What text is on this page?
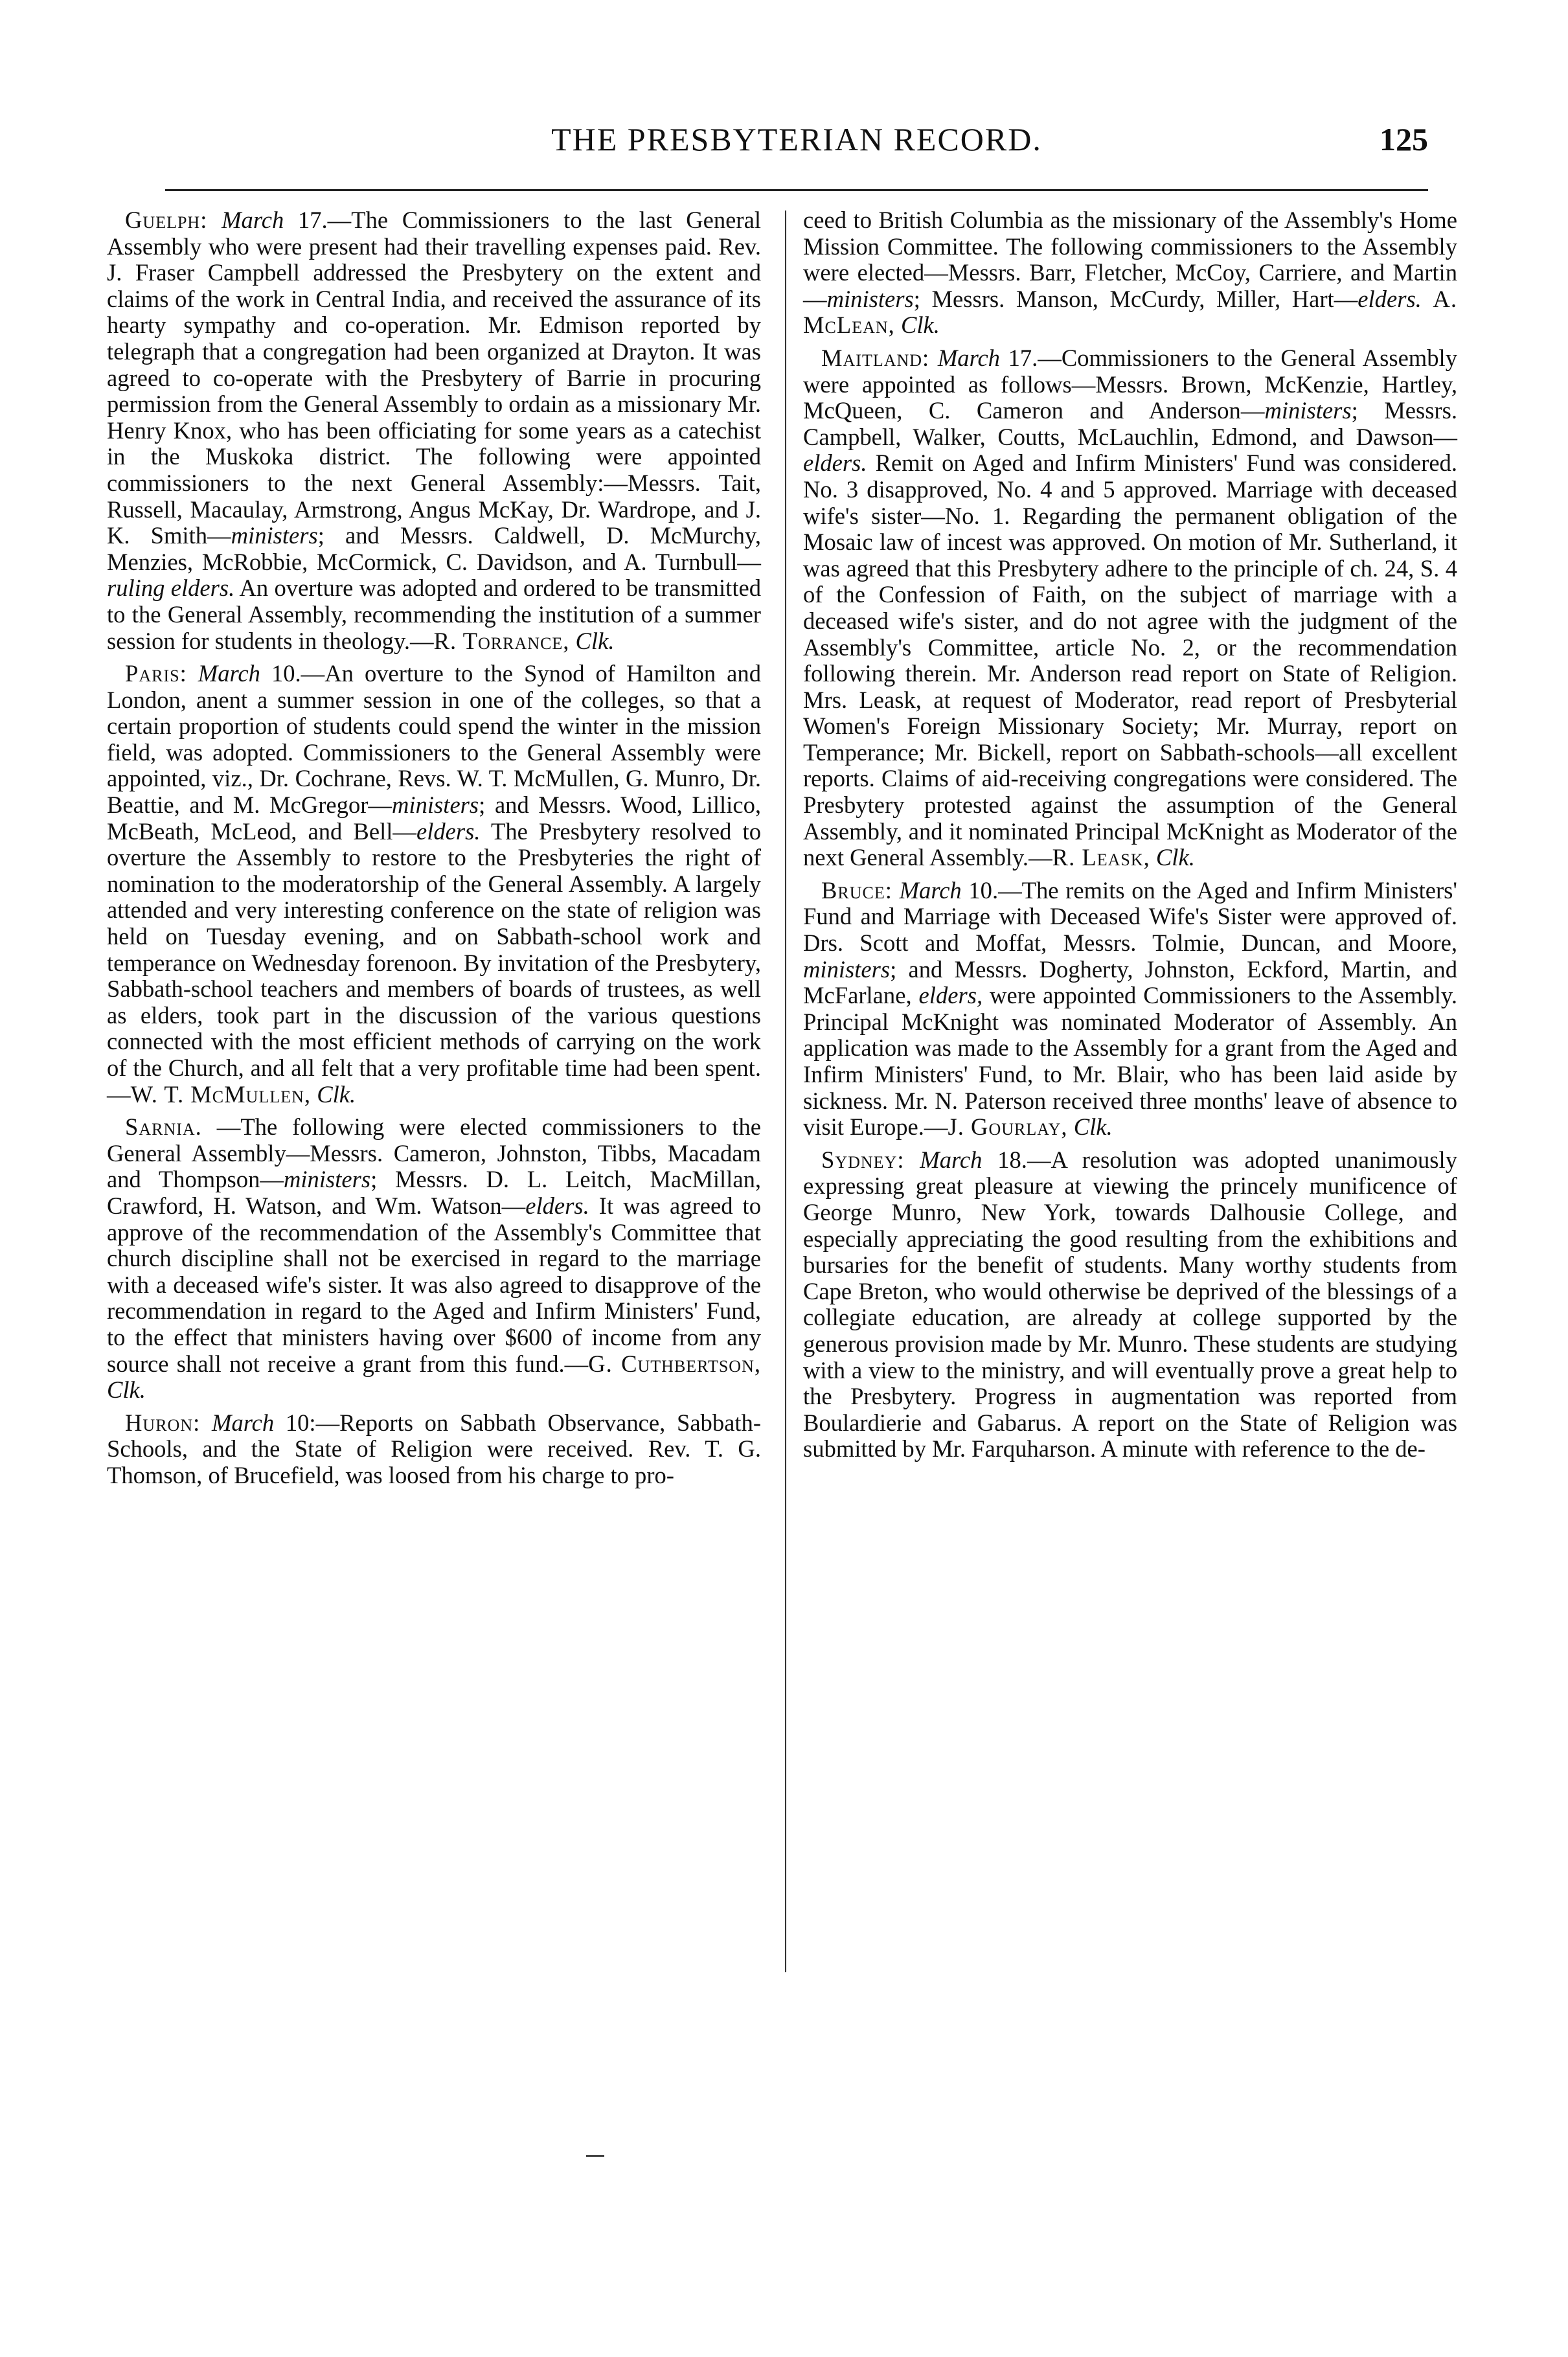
THE PRESBYTERIAN RECORD.	125

Guelph: March 17.—The Commissioners to the last General Assembly who were present had their travelling expenses paid. Rev. J. Fraser Campbell addressed the Presbytery on the extent and claims of the work in Central India, and received the assurance of its hearty sympathy and co-operation. Mr. Edmison reported by telegraph that a congregation had been organized at Drayton. It was agreed to co-operate with the Presbytery of Barrie in procuring permission from the General Assembly to ordain as a missionary Mr. Henry Knox, who has been officiating for some years as a catechist in the Muskoka district. The following were appointed commissioners to the next General Assembly:—Messrs. Tait, Russell, Macaulay, Armstrong, Angus McKay, Dr. Wardrope, and J. K. Smith—ministers; and Messrs. Caldwell, D. McMurchy, Menzies, McRobbie, McCormick, C. Davidson, and A. Turnbull—ruling elders. An overture was adopted and ordered to be transmitted to the General Assembly, recommending the institution of a summer session for students in theology.—R. Torrance, Clk.

Paris: March 10.—An overture to the Synod of Hamilton and London, anent a summer session in one of the colleges, so that a certain proportion of students could spend the winter in the mission field, was adopted. Commissioners to the General Assembly were appointed, viz., Dr. Cochrane, Revs. W. T. McMullen, G. Munro, Dr. Beattie, and M. McGregor—ministers; and Messrs. Wood, Lillico, McBeath, McLeod, and Bell—elders. The Presbytery resolved to overture the Assembly to restore to the Presbyteries the right of nomination to the moderatorship of the General Assembly. A largely attended and very interesting conference on the state of religion was held on Tuesday evening, and on Sabbath-school work and temperance on Wednesday forenoon. By invitation of the Presbytery, Sabbath-school teachers and members of boards of trustees, as well as elders, took part in the discussion of the various questions connected with the most efficient methods of carrying on the work of the Church, and all felt that a very profitable time had been spent.—W. T. McMullen, Clk.

Sarnia. —The following were elected commissioners to the General Assembly—Messrs. Cameron, Johnston, Tibbs, Macadam and Thompson—ministers; Messrs. D. L. Leitch, MacMillan, Crawford, H. Watson, and Wm. Watson—elders. It was agreed to approve of the recommendation of the Assembly's Committee that church discipline shall not be exercised in regard to the marriage with a deceased wife's sister. It was also agreed to disapprove of the recommendation in regard to the Aged and Infirm Ministers' Fund, to the effect that ministers having over $600 of income from any source shall not receive a grant from this fund.—G. Cuthbertson, Clk.

Huron: March 10:—Reports on Sabbath Observance, Sabbath-Schools, and the State of Religion were received. Rev. T. G. Thomson, of Brucefield, was loosed from his charge to pro-

ceed to British Columbia as the missionary of the Assembly's Home Mission Committee. The following commissioners to the Assembly were elected—Messrs. Barr, Fletcher, McCoy, Carriere, and Martin—ministers; Messrs. Manson, McCurdy, Miller, Hart—elders. A. McLean, Clk.

Maitland: March 17.—Commissioners to the General Assembly were appointed as follows—Messrs. Brown, McKenzie, Hartley, McQueen, C. Cameron and Anderson—ministers; Messrs. Campbell, Walker, Coutts, McLauchlin, Edmond, and Dawson—elders. Remit on Aged and Infirm Ministers' Fund was considered. No. 3 disapproved, No. 4 and 5 approved. Marriage with deceased wife's sister—No. 1. Regarding the permanent obligation of the Mosaic law of incest was approved. On motion of Mr. Sutherland, it was agreed that this Presbytery adhere to the principle of ch. 24, S. 4 of the Confession of Faith, on the subject of marriage with a deceased wife's sister, and do not agree with the judgment of the Assembly's Committee, article No. 2, or the recommendation following therein. Mr. Anderson read report on State of Religion. Mrs. Leask, at request of Moderator, read report of Presbyterial Women's Foreign Missionary Society; Mr. Murray, report on Temperance; Mr. Bickell, report on Sabbath-schools—all excellent reports. Claims of aid-receiving congregations were considered. The Presbytery protested against the assumption of the General Assembly, and it nominated Principal McKnight as Moderator of the next General Assembly.—R. Leask, Clk.

Bruce: March 10.—The remits on the Aged and Infirm Ministers' Fund and Marriage with Deceased Wife's Sister were approved of. Drs. Scott and Moffat, Messrs. Tolmie, Duncan, and Moore, ministers; and Messrs. Dogherty, Johnston, Eckford, Martin, and McFarlane, elders, were appointed Commissioners to the Assembly. Principal McKnight was nominated Moderator of Assembly. An application was made to the Assembly for a grant from the Aged and Infirm Ministers' Fund, to Mr. Blair, who has been laid aside by sickness. Mr. N. Paterson received three months' leave of absence to visit Europe.—J. Gourlay, Clk.

Sydney: March 18.—A resolution was adopted unanimously expressing great pleasure at viewing the princely munificence of George Munro, New York, towards Dalhousie College, and especially appreciating the good resulting from the exhibitions and bursaries for the benefit of students. Many worthy students from Cape Breton, who would otherwise be deprived of the blessings of a collegiate education, are already at college supported by the generous provision made by Mr. Munro. These students are studying with a view to the ministry, and will eventually prove a great help to the Presbytery. Progress in augmentation was reported from Boulardierie and Gabarus. A report on the State of Religion was submitted by Mr. Farquharson. A minute with reference to the de-
